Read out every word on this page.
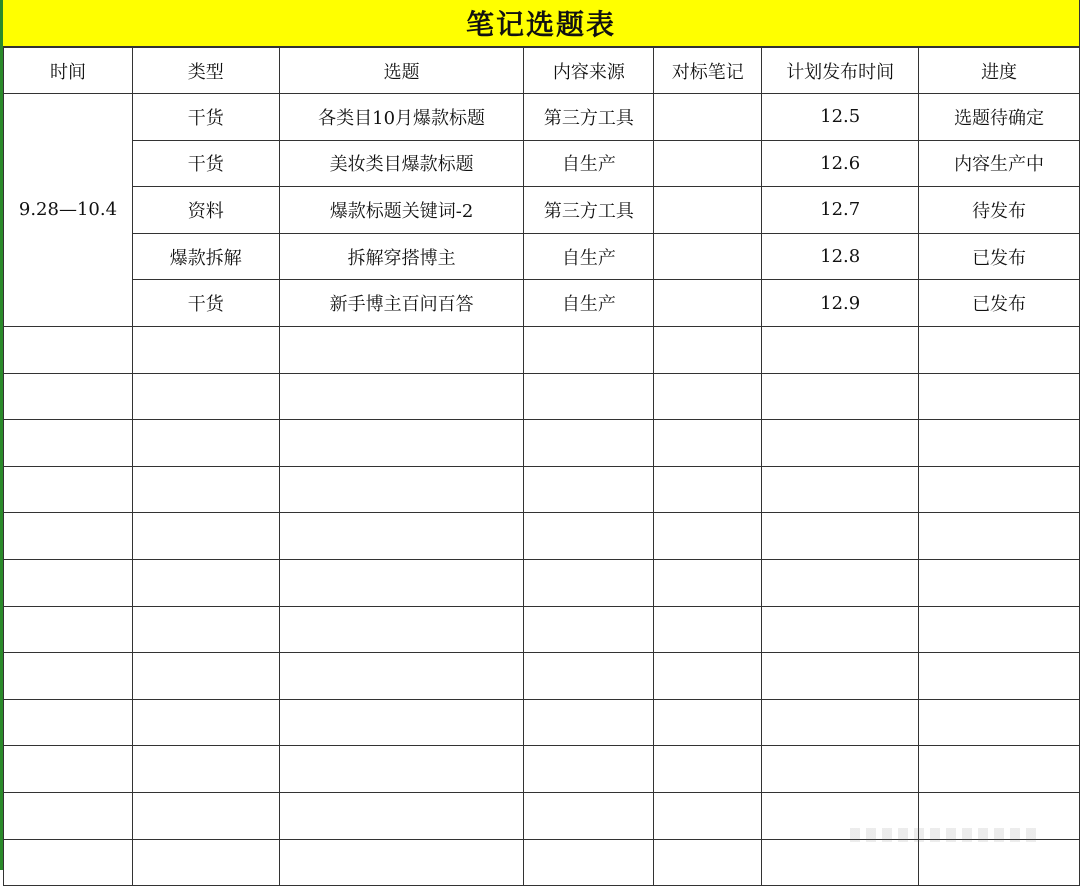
笔记选题表
时间	类型	选题	内容来源	对标笔记	计划发布时间	进度
9.28—10.4	干货	各类目10月爆款标题	第三方工具		12.5	选题待确定
	干货	美妆类目爆款标题	自生产		12.6	内容生产中
	资料	爆款标题关键词-2	第三方工具		12.7	待发布
	爆款拆解	拆解穿搭博主	自生产		12.8	已发布
	干货	新手博主百问百答	自生产		12.9	已发布
